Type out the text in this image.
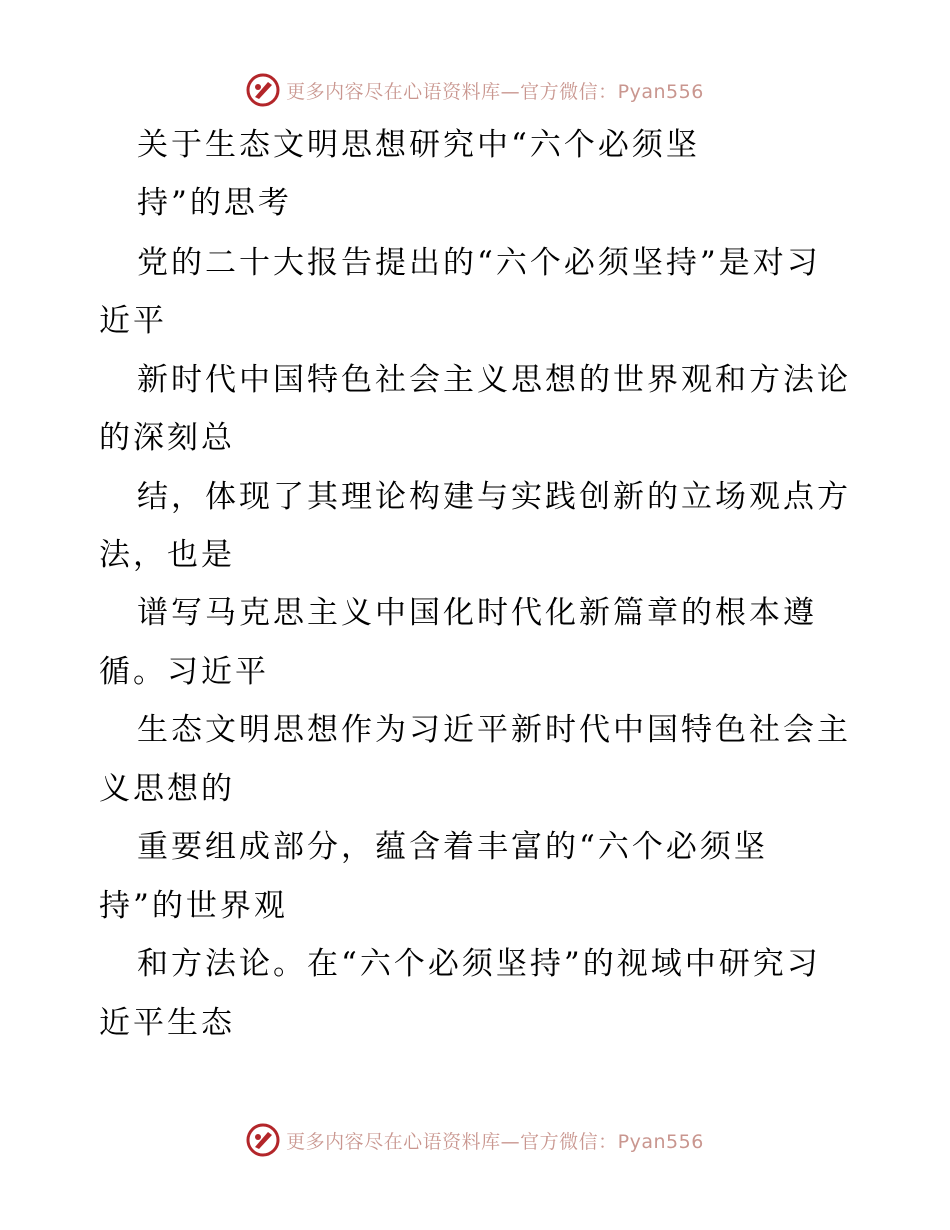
更多内容尽在心语资料库—官方微信：Pyan556
关于生态文明思想研究中“六个必须坚
持”的思考
党的二十大报告提出的“六个必须坚持”是对习
近平
新时代中国特色社会主义思想的世界观和方法论
的深刻总
结，体现了其理论构建与实践创新的立场观点方
法，也是
谱写马克思主义中国化时代化新篇章的根本遵
循。习近平
生态文明思想作为习近平新时代中国特色社会主
义思想的
重要组成部分，蕴含着丰富的“六个必须坚
持”的世界观
和方法论。在“六个必须坚持”的视域中研究习
近平生态
更多内容尽在心语资料库—官方微信：Pyan556
